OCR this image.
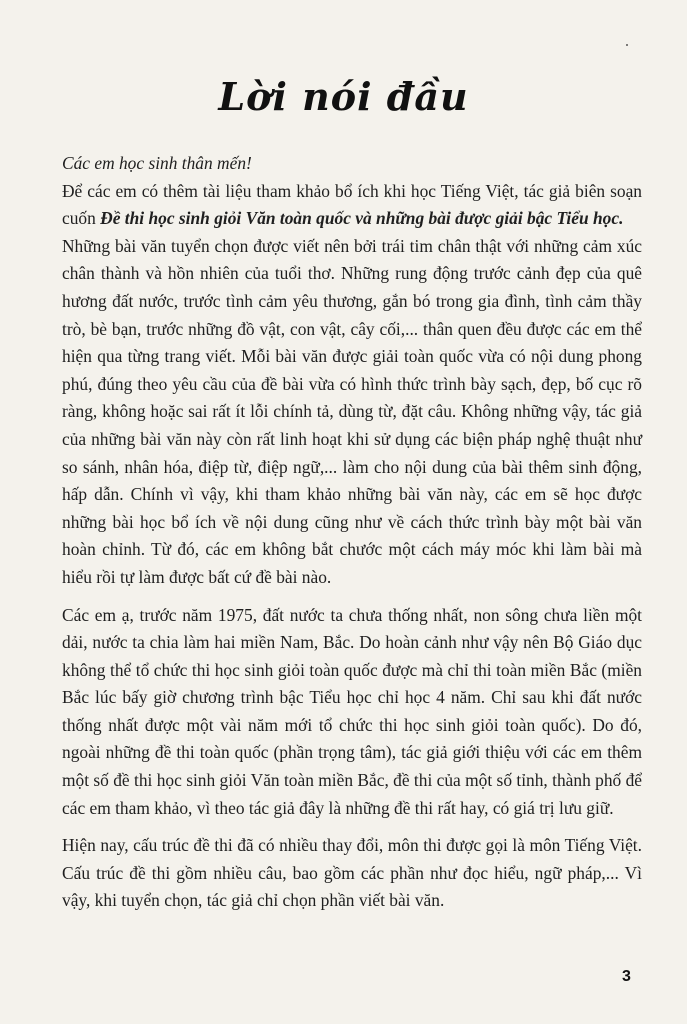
Lời nói đầu

Các em học sinh thân mến!

Để các em có thêm tài liệu tham khảo bổ ích khi học Tiếng Việt, tác giả biên soạn cuốn Đề thi học sinh giỏi Văn toàn quốc và những bài được giải bậc Tiểu học.

Những bài văn tuyển chọn được viết nên bởi trái tim chân thật với những cảm xúc chân thành và hồn nhiên của tuổi thơ. Những rung động trước cảnh đẹp của quê hương đất nước, trước tình cảm yêu thương, gắn bó trong gia đình, tình cảm thầy trò, bè bạn, trước những đồ vật, con vật, cây cối,... thân quen đều được các em thể hiện qua từng trang viết. Mỗi bài văn được giải toàn quốc vừa có nội dung phong phú, đúng theo yêu cầu của đề bài vừa có hình thức trình bày sạch, đẹp, bố cục rõ ràng, không hoặc sai rất ít lỗi chính tả, dùng từ, đặt câu. Không những vậy, tác giả của những bài văn này còn rất linh hoạt khi sử dụng các biện pháp nghệ thuật như so sánh, nhân hóa, điệp từ, điệp ngữ,... làm cho nội dung của bài thêm sinh động, hấp dẫn. Chính vì vậy, khi tham khảo những bài văn này, các em sẽ học được những bài học bổ ích về nội dung cũng như về cách thức trình bày một bài văn hoàn chỉnh. Từ đó, các em không bắt chước một cách máy móc khi làm bài mà hiểu rồi tự làm được bất cứ đề bài nào.

Các em ạ, trước năm 1975, đất nước ta chưa thống nhất, non sông chưa liền một dải, nước ta chia làm hai miền Nam, Bắc. Do hoàn cảnh như vậy nên Bộ Giáo dục không thể tổ chức thi học sinh giỏi toàn quốc được mà chỉ thi toàn miền Bắc (miền Bắc lúc bấy giờ chương trình bậc Tiểu học chỉ học 4 năm. Chỉ sau khi đất nước thống nhất được một vài năm mới tổ chức thi học sinh giỏi toàn quốc). Do đó, ngoài những đề thi toàn quốc (phần trọng tâm), tác giả giới thiệu với các em thêm một số đề thi học sinh giỏi Văn toàn miền Bắc, đề thi của một số tỉnh, thành phố để các em tham khảo, vì theo tác giả đây là những đề thi rất hay, có giá trị lưu giữ.

Hiện nay, cấu trúc đề thi đã có nhiều thay đổi, môn thi được gọi là môn Tiếng Việt. Cấu trúc đề thi gồm nhiều câu, bao gồm các phần như đọc hiểu, ngữ pháp,... Vì vậy, khi tuyển chọn, tác giả chỉ chọn phần viết bài văn.

3
